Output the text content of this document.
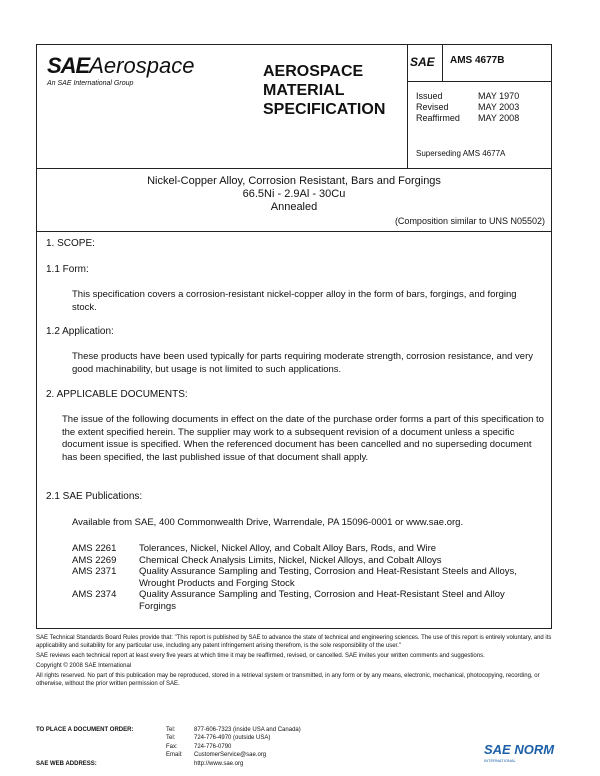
SAEAerospace
An SAE International Group
AEROSPACE
MATERIAL
SPECIFICATION
SAE	AMS 4677B
Issued	MAY 1970
Revised	MAY 2003
Reaffirmed	MAY 2008
Superseding AMS 4677A
Nickel-Copper Alloy, Corrosion Resistant, Bars and Forgings
66.5Ni - 2.9Al - 30Cu
Annealed
(Composition similar to UNS N05502)
1. SCOPE:
1.1 Form:
This specification covers a corrosion-resistant nickel-copper alloy in the form of bars, forgings, and forging stock.
1.2 Application:
These products have been used typically for parts requiring moderate strength, corrosion resistance, and very good machinability, but usage is not limited to such applications.
2. APPLICABLE DOCUMENTS:
The issue of the following documents in effect on the date of the purchase order forms a part of this specification to the extent specified herein. The supplier may work to a subsequent revision of a document unless a specific document issue is specified. When the referenced document has been cancelled and no superseding document has been specified, the last published issue of that document shall apply.
2.1 SAE Publications:
Available from SAE, 400 Commonwealth Drive, Warrendale, PA 15096-0001 or www.sae.org.
AMS 2261	Tolerances, Nickel, Nickel Alloy, and Cobalt Alloy Bars, Rods, and Wire
AMS 2269	Chemical Check Analysis Limits, Nickel, Nickel Alloys, and Cobalt Alloys
AMS 2371	Quality Assurance Sampling and Testing, Corrosion and Heat-Resistant Steels and Alloys, Wrought Products and Forging Stock
AMS 2374	Quality Assurance Sampling and Testing, Corrosion and Heat-Resistant Steel and Alloy Forgings

SAE Technical Standards Board Rules provide that: "This report is published by SAE to advance the state of technical and engineering sciences. The use of this report is entirely voluntary, and its applicability and suitability for any particular use, including any patent infringement arising therefrom, is the sole responsibility of the user."

SAE reviews each technical report at least every five years at which time it may be reaffirmed, revised, or cancelled. SAE invites your written comments and suggestions.

Copyright © 2008 SAE International

All rights reserved. No part of this publication may be reproduced, stored in a retrieval system or transmitted, in any form or by any means, electronic, mechanical, photocopying, recording, or otherwise, without the prior written permission of SAE.

TO PLACE A DOCUMENT ORDER:	Tel:	877-606-7323 (inside USA and Canada)
Tel:	724-776-4970 (outside USA)
Fax:	724-776-0790
Email:	CustomerService@sae.org
SAE WEB ADDRESS:	http://www.sae.org
SAE NORM
INTERNATIONAL
